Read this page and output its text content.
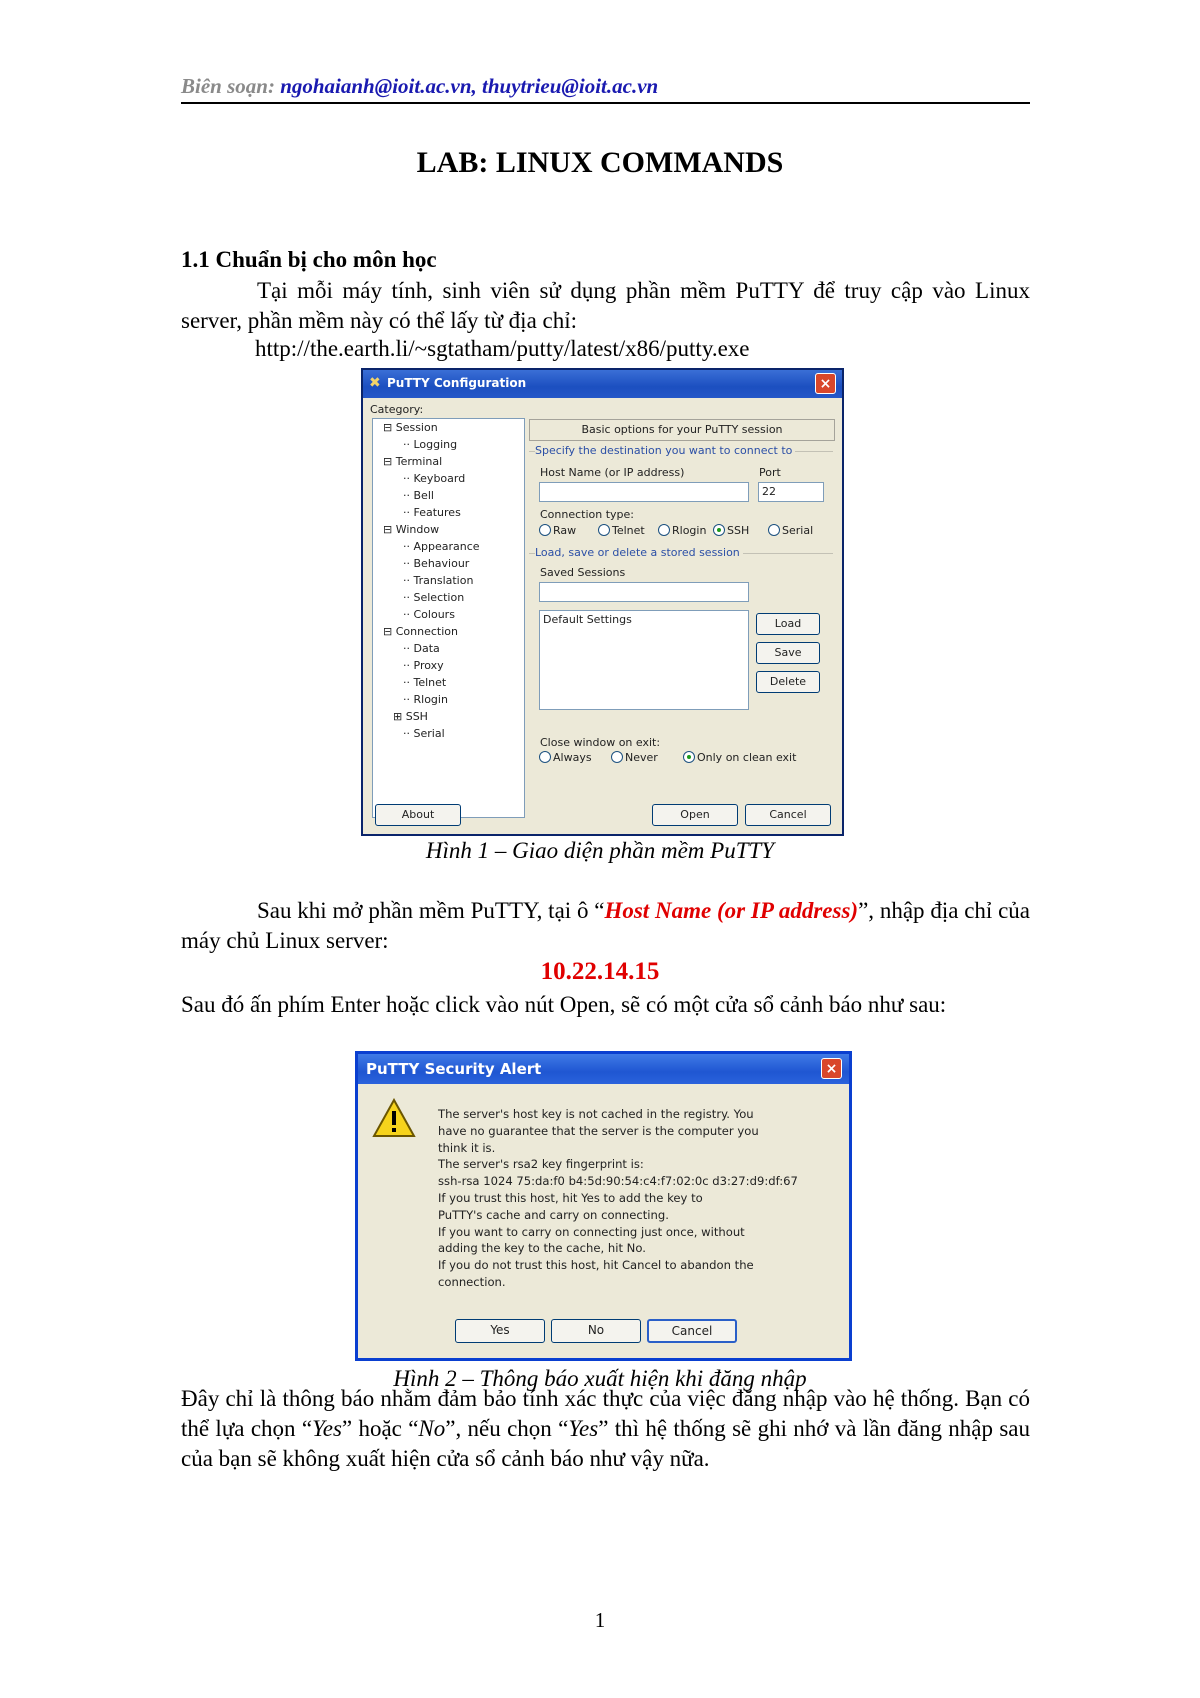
Biên soạn: ngohaianh@ioit.ac.vn, thuytrieu@ioit.ac.vn
LAB: LINUX COMMANDS
1.1 Chuẩn bị cho môn học
Tại mỗi máy tính, sinh viên sử dụng phần mềm PuTTY để truy cập vào Linux server, phần mềm này có thể lấy từ địa chỉ:
http://the.earth.li/~sgtatham/putty/latest/x86/putty.exe
✖ PuTTY Configuration	×
Category:
⊟ Session
·· Logging
⊟ Terminal
·· Keyboard
·· Bell
·· Features
⊟ Window
·· Appearance
·· Behaviour
·· Translation
·· Selection
·· Colours
⊟ Connection
·· Data
·· Proxy
·· Telnet
·· Rlogin
⊞ SSH
·· Serial
Basic options for your PuTTY session
Specify the destination you want to connect to
Host Name (or IP address)	Port
22
Connection type:
Raw	Telnet	Rlogin	SSH	Serial
Load, save or delete a stored session
Saved Sessions
Default Settings	Load
Save
Delete
Close window on exit:
Always	Never	Only on clean exit
About	Open	Cancel
Hình 1 – Giao diện phần mềm PuTTY
Sau khi mở phần mềm PuTTY, tại ô “Host Name (or IP address)”, nhập địa chỉ của máy chủ Linux server:
10.22.14.15
Sau đó ấn phím Enter hoặc click vào nút Open, sẽ có một cửa sổ cảnh báo như sau:
PuTTY Security Alert	×
The server's host key is not cached in the registry. You
have no guarantee that the server is the computer you
think it is.
The server's rsa2 key fingerprint is:
ssh-rsa 1024 75:da:f0 b4:5d:90:54:c4:f7:02:0c d3:27:d9:df:67
If you trust this host, hit Yes to add the key to
PuTTY's cache and carry on connecting.
If you want to carry on connecting just once, without
adding the key to the cache, hit No.
If you do not trust this host, hit Cancel to abandon the
connection.
Yes	No	Cancel
Hình 2 – Thông báo xuất hiện khi đăng nhập
Đây chỉ là thông báo nhằm đảm bảo tính xác thực của việc đăng nhập vào hệ thống. Bạn có thể lựa chọn “Yes” hoặc “No”, nếu chọn “Yes” thì hệ thống sẽ ghi nhớ và lần đăng nhập sau của bạn sẽ không xuất hiện cửa sổ cảnh báo như vậy nữa.
1
